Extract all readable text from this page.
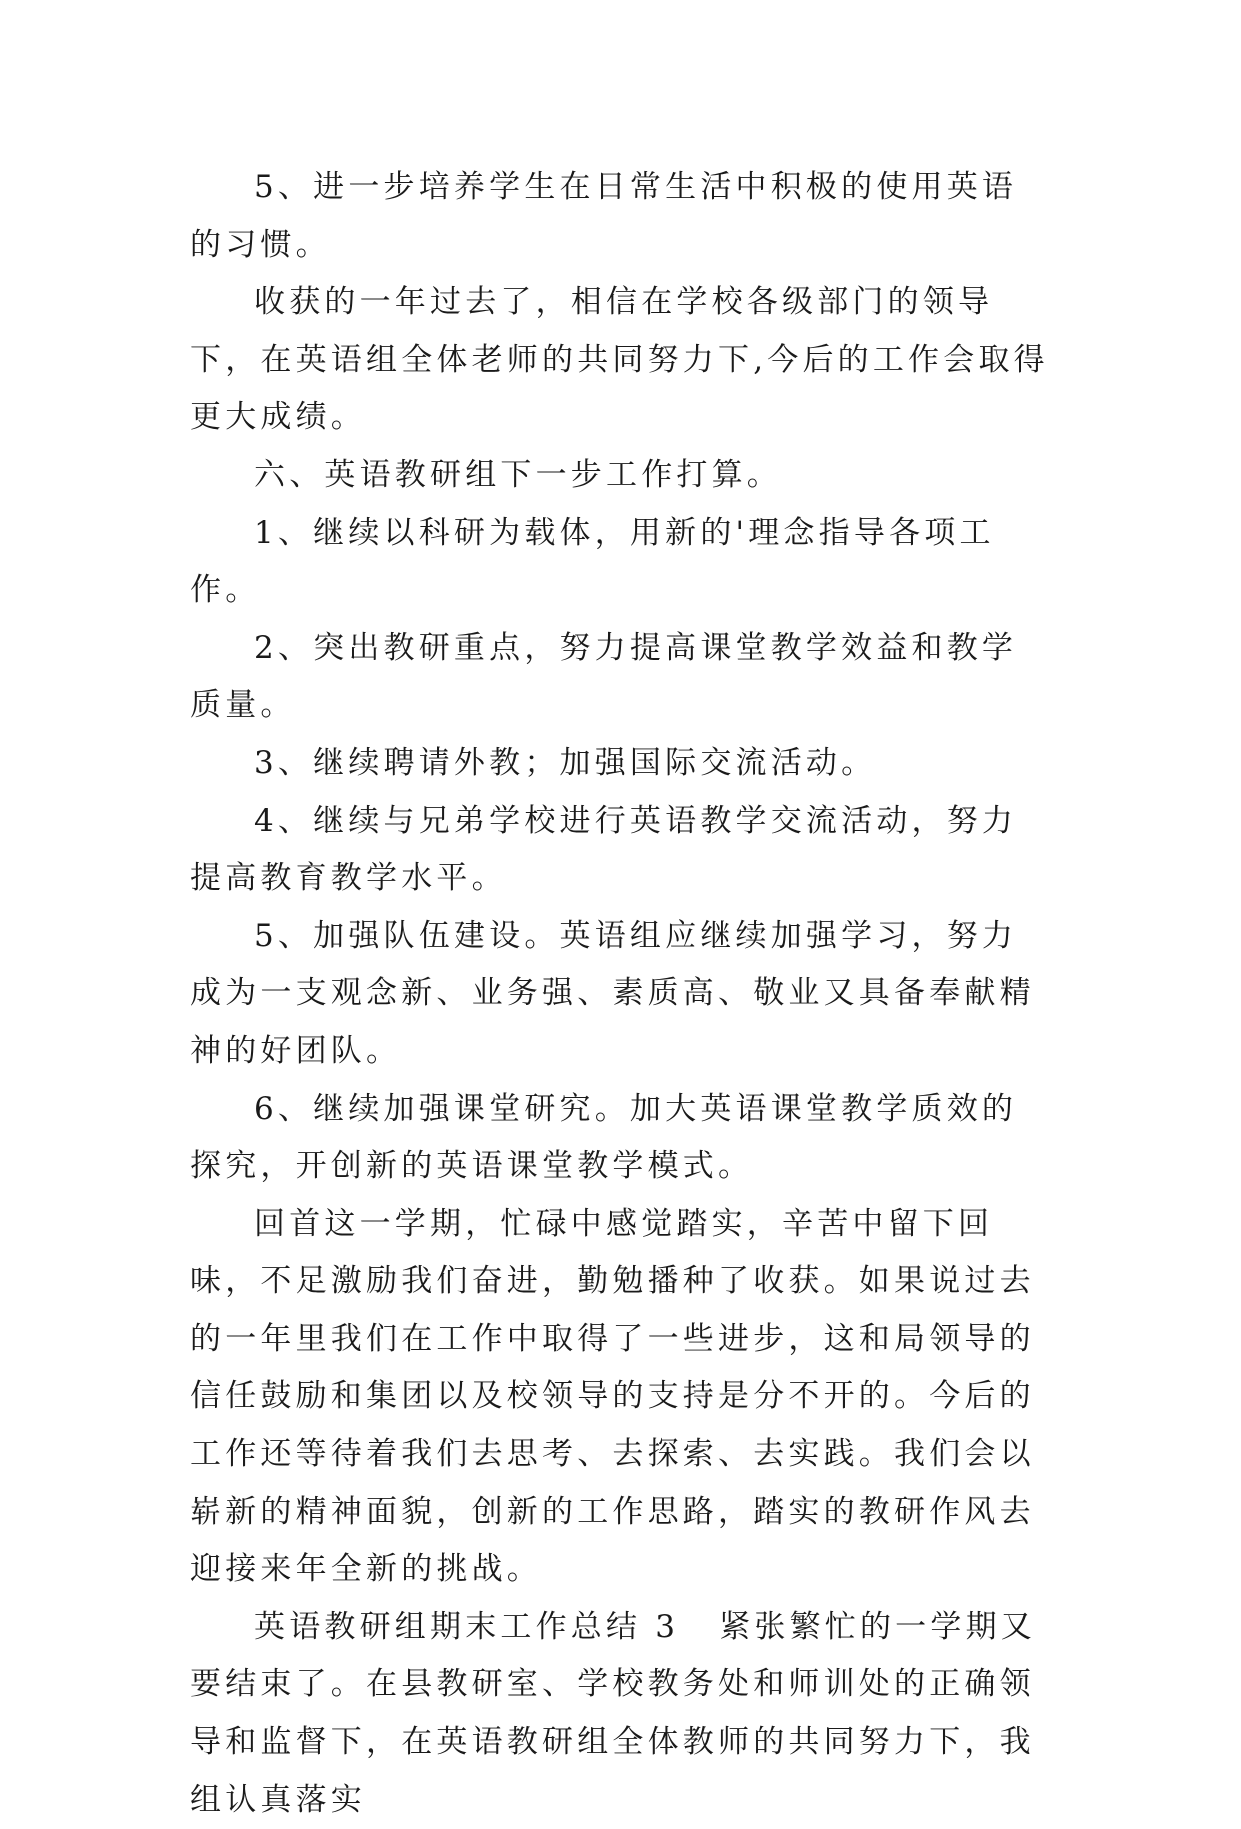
5、进一步培养学生在日常生活中积极的使用英语的习惯。

收获的一年过去了，相信在学校各级部门的领导下，在英语组全体老师的共同努力下,今后的工作会取得更大成绩。

六、英语教研组下一步工作打算。

1、继续以科研为载体，用新的'理念指导各项工作。

2、突出教研重点，努力提高课堂教学效益和教学质量。

3、继续聘请外教；加强国际交流活动。

4、继续与兄弟学校进行英语教学交流活动，努力提高教育教学水平。

5、加强队伍建设。英语组应继续加强学习，努力成为一支观念新、业务强、素质高、敬业又具备奉献精神的好团队。

6、继续加强课堂研究。加大英语课堂教学质效的探究，开创新的英语课堂教学模式。

回首这一学期，忙碌中感觉踏实，辛苦中留下回味，不足激励我们奋进，勤勉播种了收获。如果说过去的一年里我们在工作中取得了一些进步，这和局领导的信任鼓励和集团以及校领导的支持是分不开的。今后的工作还等待着我们去思考、去探索、去实践。我们会以崭新的精神面貌，创新的工作思路，踏实的教研作风去迎接来年全新的挑战。

英语教研组期末工作总结 3 紧张繁忙的一学期又要结束了。在县教研室、学校教务处和师训处的正确领导和监督下，在英语教研组全体教师的共同努力下，我组认真落实
